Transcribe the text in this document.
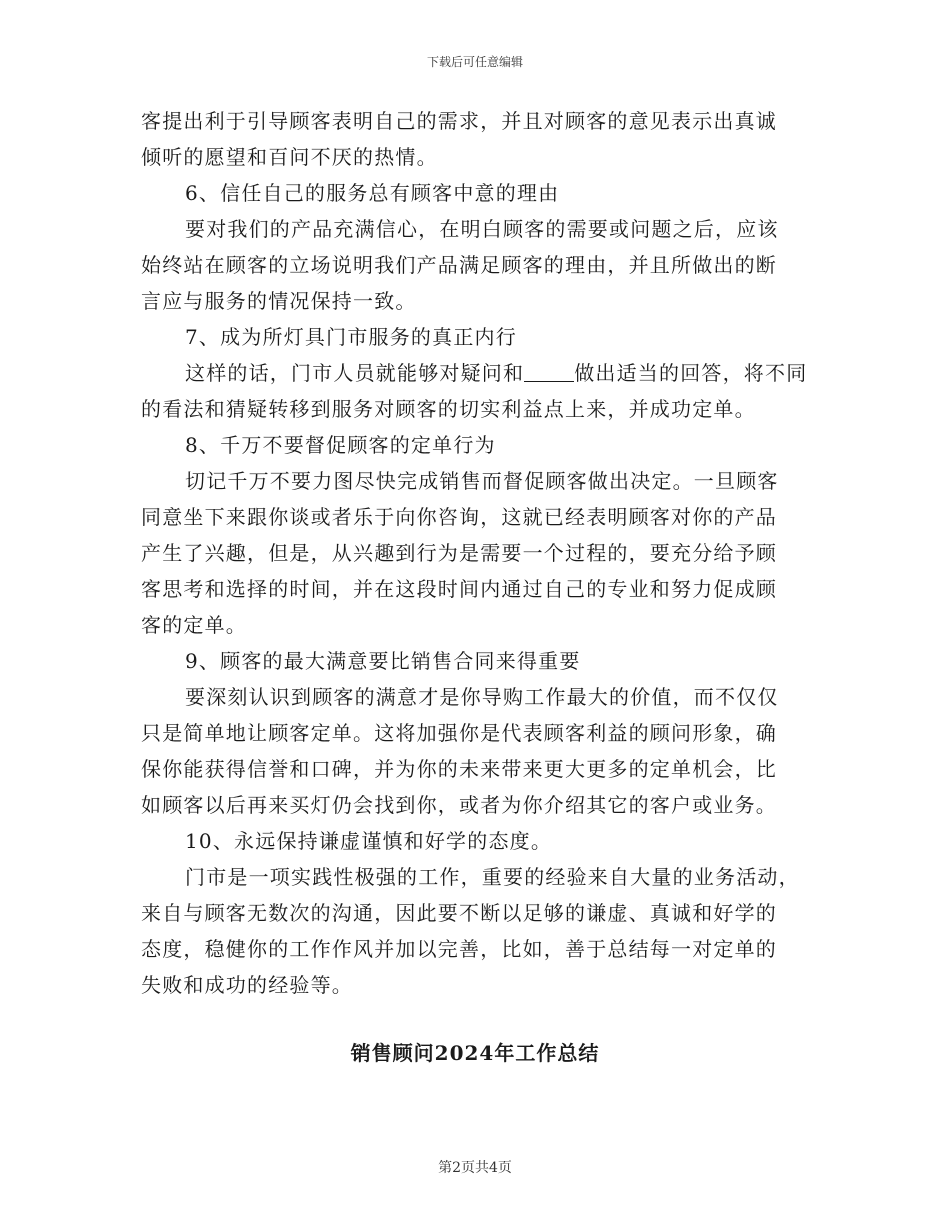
下载后可任意编辑
客提出利于引导顾客表明自己的需求，并且对顾客的意见表示出真诚
倾听的愿望和百问不厌的热情。
6、信任自己的服务总有顾客中意的理由
要对我们的产品充满信心，在明白顾客的需要或问题之后，应该
始终站在顾客的立场说明我们产品满足顾客的理由，并且所做出的断
言应与服务的情况保持一致。
7、成为所灯具门市服务的真正内行
这样的话，门市人员就能够对疑问和	做出适当的回答，将不同
的看法和猜疑转移到服务对顾客的切实利益点上来，并成功定单。
8、千万不要督促顾客的定单行为
切记千万不要力图尽快完成销售而督促顾客做出决定。一旦顾客
同意坐下来跟你谈或者乐于向你咨询，这就已经表明顾客对你的产品
产生了兴趣，但是，从兴趣到行为是需要一个过程的，要充分给予顾
客思考和选择的时间，并在这段时间内通过自己的专业和努力促成顾
客的定单。
9、顾客的最大满意要比销售合同来得重要
要深刻认识到顾客的满意才是你导购工作最大的价值，而不仅仅
只是简单地让顾客定单。这将加强你是代表顾客利益的顾问形象，确
保你能获得信誉和口碑，并为你的未来带来更大更多的定单机会，比
如顾客以后再来买灯仍会找到你，或者为你介绍其它的客户或业务。
10、永远保持谦虚谨慎和好学的态度。
门市是一项实践性极强的工作，重要的经验来自大量的业务活动，
来自与顾客无数次的沟通，因此要不断以足够的谦虚、真诚和好学的
态度，稳健你的工作作风并加以完善，比如，善于总结每一对定单的
失败和成功的经验等。
销售顾问2024年工作总结
第2页共4页
